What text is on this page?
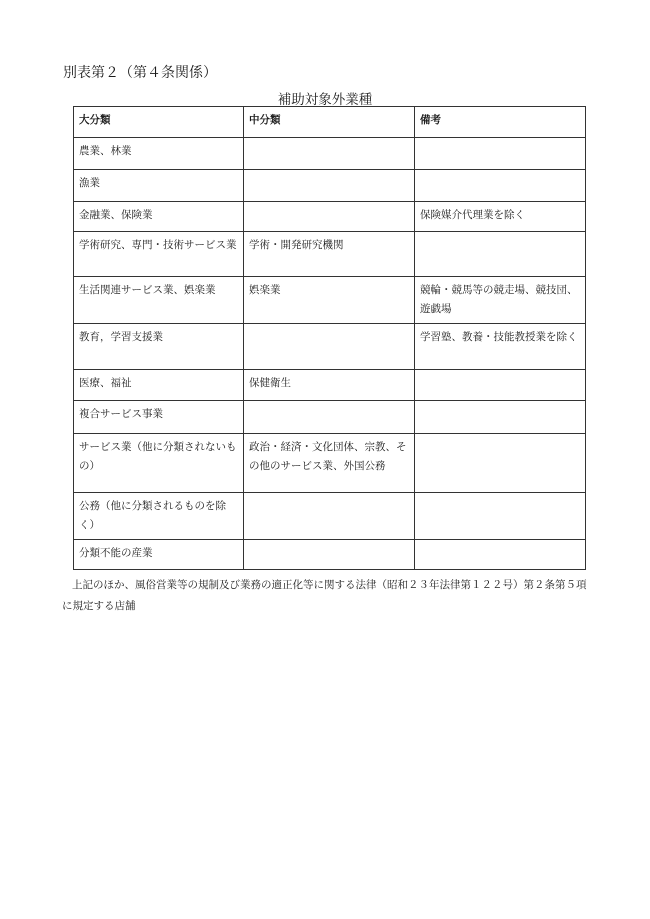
別表第２（第４条関係）
補助対象外業種
大分類	中分類	備考
農業、林業		
漁業		
金融業、保険業		保険媒介代理業を除く
学術研究、専門・技術サービス業	学術・開発研究機関	
生活関連サービス業、娯楽業	娯楽業	競輪・競馬等の競走場、競技団、遊戯場
教育，学習支援業		学習塾、教養・技能教授業を除く
医療、福祉	保健衛生	
複合サービス事業		
サービス業（他に分類されないもの）	政治・経済・文化団体、宗教、その他のサービス業、外国公務	
公務（他に分類されるものを除く）		
分類不能の産業		
上記のほか、風俗営業等の規制及び業務の適正化等に関する法律（昭和２３年法律第１２２号）第２条第５項に規定する店舗
